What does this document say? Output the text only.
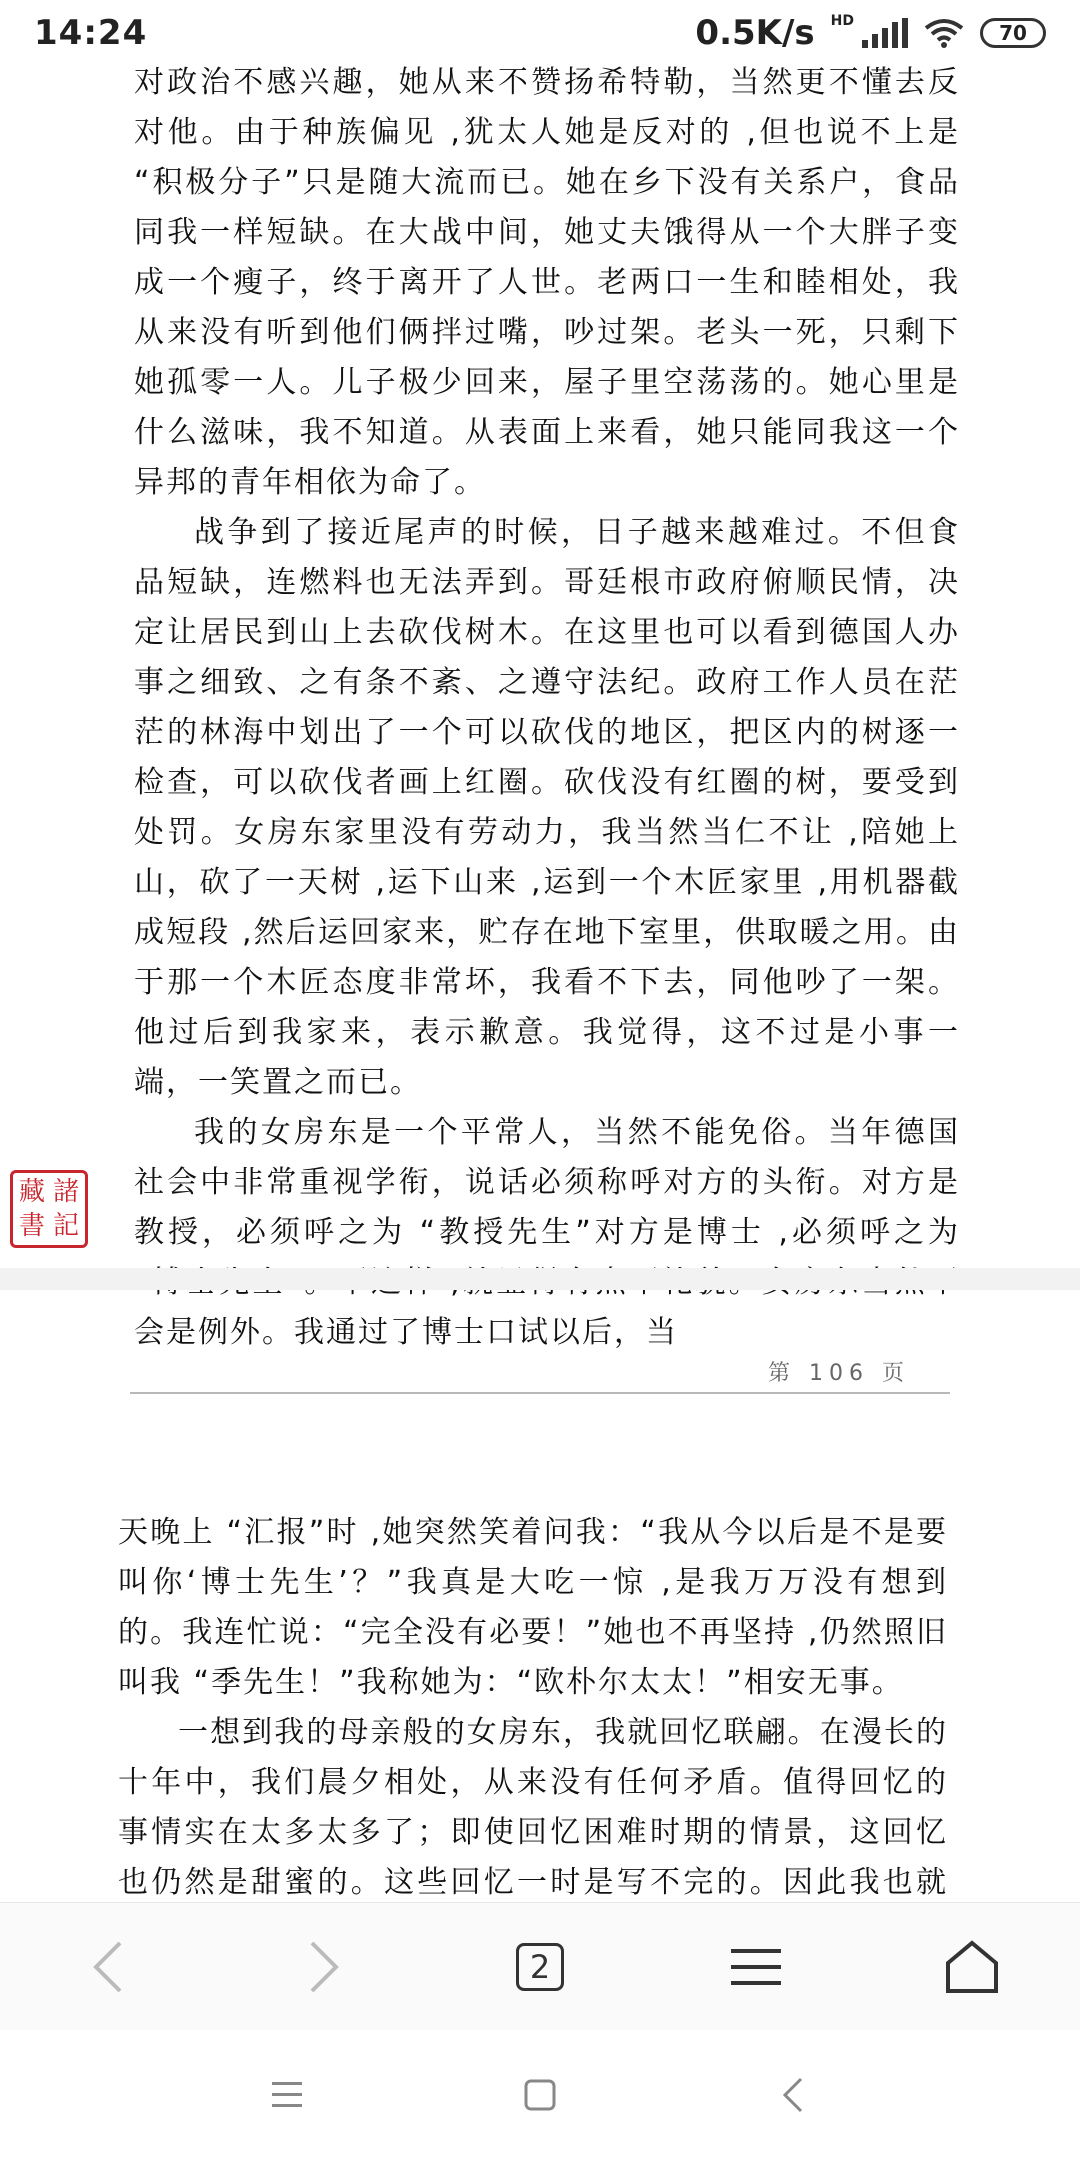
14:24	0.5K/s HD	70

对政治不感兴趣，她从来不赞扬希特勒，当然更不懂去反对他。由于种族偏见 ,犹太人她是反对的 ,但也说不上是 “积极分子”只是随大流而已。她在乡下没有关系户，食品同我一样短缺。在大战中间，她丈夫饿得从一个大胖子变成一个瘦子，终于离开了人世。老两口一生和睦相处，我从来没有听到他们俩拌过嘴，吵过架。老头一死，只剩下她孤零一人。儿子极少回来，屋子里空荡荡的。她心里是什么滋味，我不知道。从表面上来看，她只能同我这一个异邦的青年相依为命了。

战争到了接近尾声的时候，日子越来越难过。不但食品短缺，连燃料也无法弄到。哥廷根市政府俯顺民情，决定让居民到山上去砍伐树木。在这里也可以看到德国人办事之细致、之有条不紊、之遵守法纪。政府工作人员在茫茫的林海中划出了一个可以砍伐的地区，把区内的树逐一检查，可以砍伐者画上红圈。砍伐没有红圈的树，要受到处罚。女房东家里没有劳动力，我当然当仁不让 ,陪她上山，砍了一天树 ,运下山来 ,运到一个木匠家里 ,用机器截成短段 ,然后运回家来，贮存在地下室里，供取暖之用。由于那一个木匠态度非常坏，我看不下去，同他吵了一架。他过后到我家来，表示歉意。我觉得，这不过是小事一端，一笑置之而已。

我的女房东是一个平常人，当然不能免俗。当年德国社会中非常重视学衔，说话必须称呼对方的头衔。对方是教授，必须呼之为 “教授先生”对方是博士 ,必须呼之为 会是例外。我通过了博士口试以后，当

藏 諸
書 記
第 106 页

天晚上 “汇报”时 ,她突然笑着问我：“我从今以后是不是要叫你‘博士先生’？”我真是大吃一惊 ,是我万万没有想到的。我连忙说：“完全没有必要！”她也不再坚持 ,仍然照旧叫我 “季先生！”我称她为：“欧朴尔太太！”相安无事。

一想到我的母亲般的女房东，我就回忆联翩。在漫长的十年中，我们晨夕相处，从来没有任何矛盾。值得回忆的事情实在太多太多了；即使回忆困难时期的情景，这回忆也仍然是甜蜜的。这些回忆一时是写不完的。因此我也就

2
